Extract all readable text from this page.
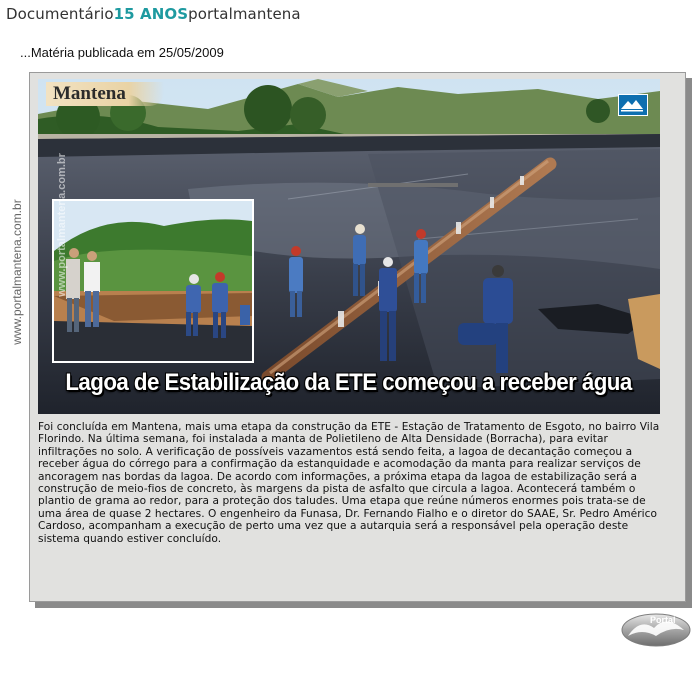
Documentário15 ANOSportalmantena
...Matéria publicada em 25/05/2009
www.portalmantena.com.br
Mantena
www.portalmantena.com.br
Lagoa de Estabilização da ETE começou a receber água
Foi concluída em Mantena, mais uma etapa da construção da ETE - Estação de Tratamento de Esgoto, no bairro Vila Florindo. Na última semana, foi instalada a manta de Polietileno de Alta Densidade (Borracha), para evitar infiltrações no solo. A verificação de possíveis vazamentos está sendo feita, a lagoa de decantação começou a receber água do córrego para a confirmação da estanquidade e acomodação da manta para realizar serviços de ancoragem nas bordas da lagoa. De acordo com informações, a próxima etapa da lagoa de estabilização será a construção de meio-fios de concreto, às margens da pista de asfalto que circula a lagoa. Acontecerá também o plantio de grama ao redor, para a proteção dos taludes. Uma etapa que reúne números enormes pois trata-se de uma área de quase 2 hectares. O engenheiro da Funasa, Dr. Fernando Fialho e o diretor do SAAE, Sr. Pedro Américo Cardoso, acompanham a execução de perto uma vez que a autarquia será a responsável pela operação deste sistema quando estiver concluído.
Portal
